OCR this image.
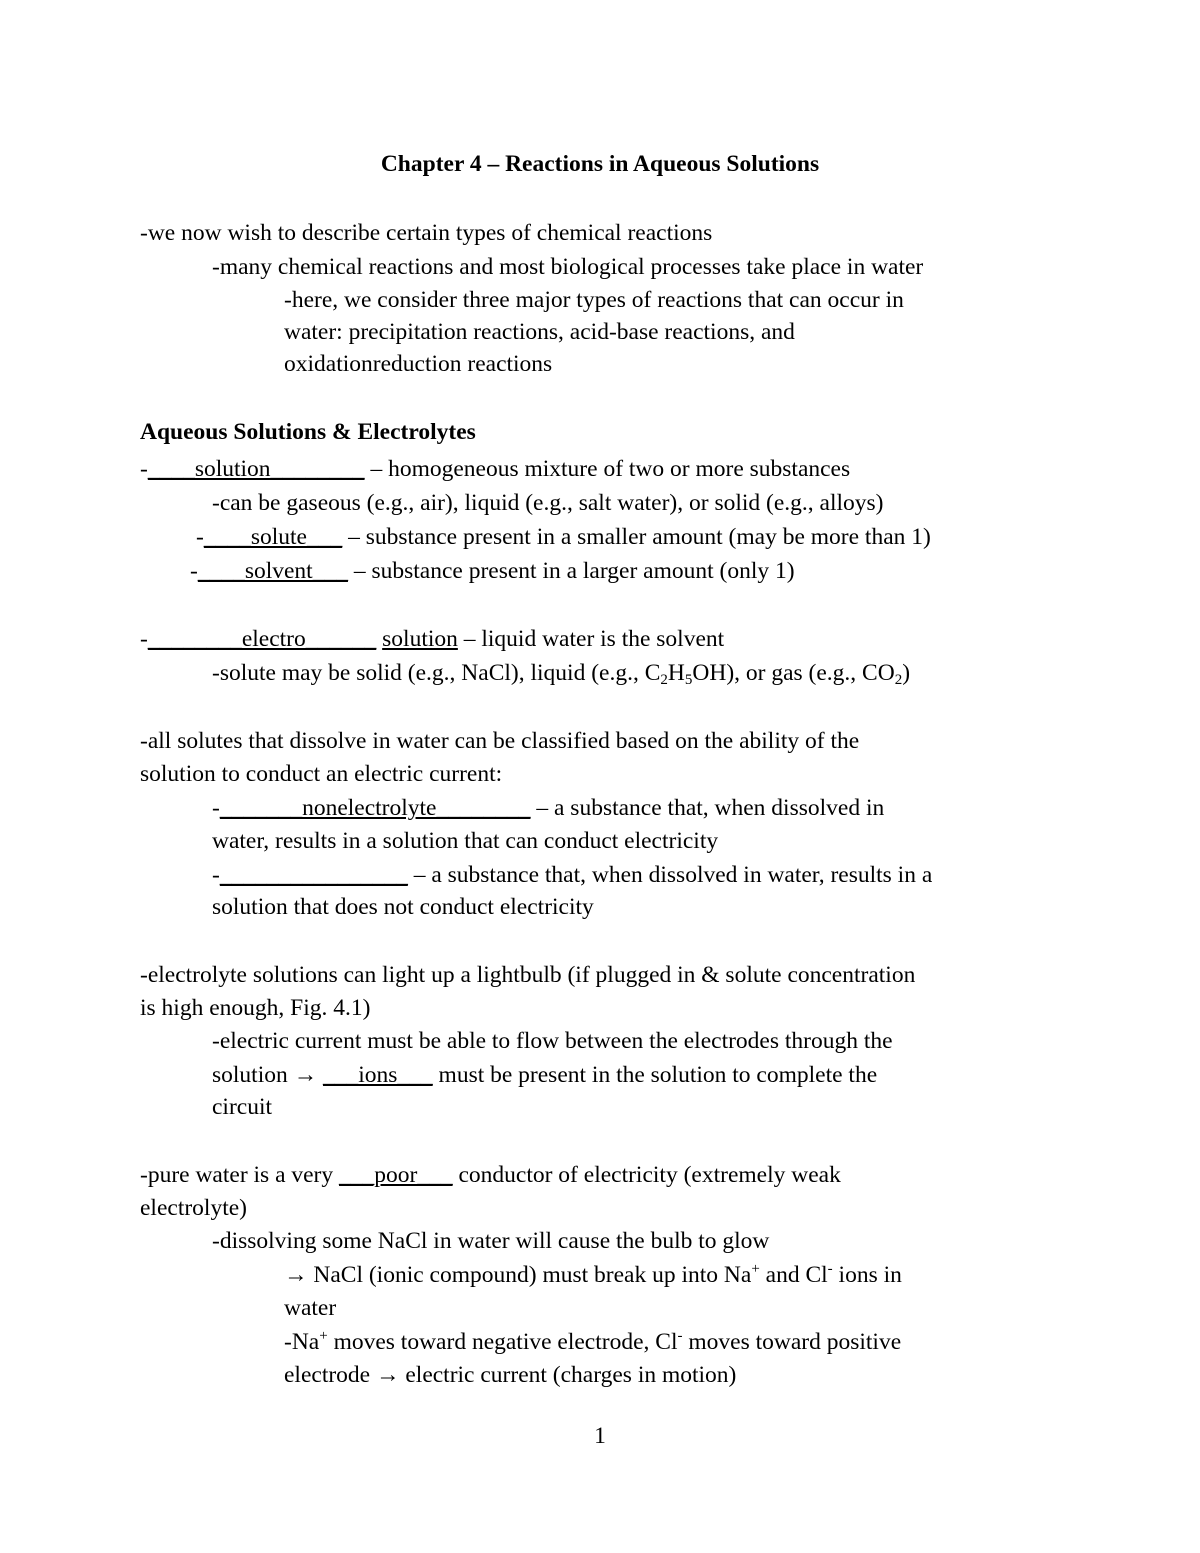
Chapter 4 – Reactions in Aqueous Solutions
-we now wish to describe certain types of chemical reactions
-many chemical reactions and most biological processes take place in water
-here, we consider three major types of reactions that can occur in
water: precipitation reactions, acid-base reactions, and
oxidationreduction reactions
Aqueous Solutions & Electrolytes
-____solution________ – homogeneous mixture of two or more substances
-can be gaseous (e.g., air), liquid (e.g., salt water), or solid (e.g., alloys)
-____solute___ – substance present in a smaller amount (may be more than 1)
-____solvent___ – substance present in a larger amount (only 1)
-________electro______ solution – liquid water is the solvent
-solute may be solid (e.g., NaCl), liquid (e.g., $C_2H_5OH$), or gas (e.g., $CO_2$)
-all solutes that dissolve in water can be classified based on the ability of the
solution to conduct an electric current:
-_______nonelectrolyte________ – a substance that, when dissolved in
water, results in a solution that can conduct electricity
-________________ – a substance that, when dissolved in water, results in a
solution that does not conduct electricity
-electrolyte solutions can light up a lightbulb (if plugged in & solute concentration
is high enough, Fig. 4.1)
-electric current must be able to flow between the electrodes through the
solution → ___ions___ must be present in the solution to complete the
circuit
-pure water is a very ___poor___ conductor of electricity (extremely weak
electrolyte)
-dissolving some NaCl in water will cause the bulb to glow
→ NaCl (ionic compound) must break up into Na+ and Cl- ions in
water
-Na+ moves toward negative electrode, Cl- moves toward positive
electrode → electric current (charges in motion)
1
